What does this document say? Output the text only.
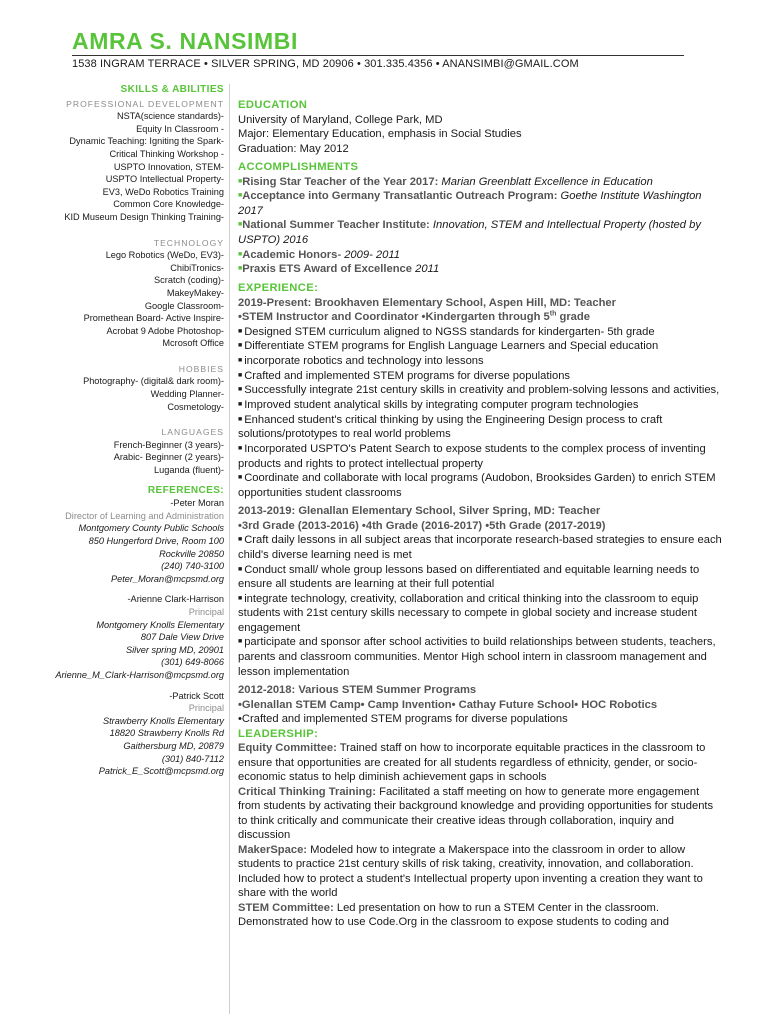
AMRA S. NANSIMBI
1538 INGRAM TERRACE • SILVER SPRING, MD 20906 • 301.335.4356 • ANANSIMBI@GMAIL.COM
SKILLS & ABILITIES
PROFESSIONAL DEVELOPMENT
NSTA(science standards)-
Equity In Classroom -
Dynamic Teaching: Igniting the Spark-
Critical Thinking Workshop -
USPTO Innovation, STEM-
USPTO Intellectual Property-
EV3, WeDo Robotics Training
Common Core Knowledge-
KID Museum Design Thinking Training-
TECHNOLOGY
Lego Robotics (WeDo, EV3)-
ChibiTronics-
Scratch (coding)-
MakeyMakey-
Google Classroom-
Promethean Board- Active Inspire-
Acrobat 9 Adobe Photoshop-
Mcrosoft Office
HOBBIES
Photography- (digital& dark room)-
Wedding Planner-
Cosmetology-
LANGUAGES
French-Beginner (3 years)-
Arabic- Beginner (2 years)-
Luganda (fluent)-
REFERENCES:
-Peter Moran
Director of Learning and Administration
Montgomery County Public Schools
850 Hungerford Drive, Room 100
Rockville 20850
(240) 740-3100
Peter_Moran@mcpsmd.org
-Arienne Clark-Harrison
Principal
Montgomery Knolls Elementary
807 Dale View Drive
Silver spring MD, 20901
(301) 649-8066
Arienne_M_Clark-Harrison@mcpsmd.org
-Patrick Scott
Principal
Strawberry Knolls Elementary
18820 Strawberry Knolls Rd
Gaithersburg MD, 20879
(301) 840-7112
Patrick_E_Scott@mcpsmd.org
EDUCATION

University of Maryland, College Park, MD

Major: Elementary Education, emphasis in Social Studies

Graduation: May 2012

ACCOMPLISHMENTS

■Rising Star Teacher of the Year 2017: Marian Greenblatt Excellence in Education

■Acceptance into Germany Transatlantic Outreach Program: Goethe Institute Washington 2017

■National Summer Teacher Institute: Innovation, STEM and Intellectual Property (hosted by USPTO) 2016

■Academic Honors- 2009- 2011

■Praxis ETS Award of Excellence 2011

EXPERIENCE:

2019-Present: Brookhaven Elementary School, Aspen Hill, MD: Teacher

•STEM Instructor and Coordinator •Kindergarten through 5th grade

■ Designed STEM curriculum aligned to NGSS standards for kindergarten- 5th grade

■ Differentiate STEM programs for English Language Learners and Special education

■ incorporate robotics and technology into lessons

■ Crafted and implemented STEM programs for diverse populations

■ Successfully integrate 21st century skills in creativity and problem-solving lessons and activities,

■ Improved student analytical skills by integrating computer program technologies

■ Enhanced student's critical thinking by using the Engineering Design process to craft solutions/prototypes to real world problems

■ Incorporated USPTO's Patent Search to expose students to the complex process of inventing products and rights to protect intellectual property

■ Coordinate and collaborate with local programs (Audobon, Brooksides Garden) to enrich STEM opportunities student classrooms

2013-2019: Glenallan Elementary School, Silver Spring, MD: Teacher

•3rd Grade (2013-2016) •4th Grade (2016-2017) •5th Grade (2017-2019)

■ Craft daily lessons in all subject areas that incorporate research-based strategies to ensure each child's diverse learning need is met

■ Conduct small/ whole group lessons based on differentiated and equitable learning needs to ensure all students are learning at their full potential

■ integrate technology, creativity, collaboration and critical thinking into the classroom to equip students with 21st century skills necessary to compete in global society and increase student engagement

■ participate and sponsor after school activities to build relationships between students, teachers, parents and classroom communities. Mentor High school intern in classroom management and lesson implementation

2012-2018: Various STEM Summer Programs

•Glenallan STEM Camp• Camp Invention• Cathay Future School• HOC Robotics

•Crafted and implemented STEM programs for diverse populations

LEADERSHIP:

Equity Committee: Trained staff on how to incorporate equitable practices in the classroom to ensure that opportunities are created for all students regardless of ethnicity, gender, or socio-economic status to help diminish achievement gaps in schools

Critical Thinking Training: Facilitated a staff meeting on how to generate more engagement from students by activating their background knowledge and providing opportunities for students to think critically and communicate their creative ideas through collaboration, inquiry and discussion

MakerSpace: Modeled how to integrate a Makerspace into the classroom in order to allow students to practice 21st century skills of risk taking, creativity, innovation, and collaboration. Included how to protect a student's Intellectual property upon inventing a creation they want to share with the world

STEM Committee: Led presentation on how to run a STEM Center in the classroom. Demonstrated how to use Code.Org in the classroom to expose students to coding and
